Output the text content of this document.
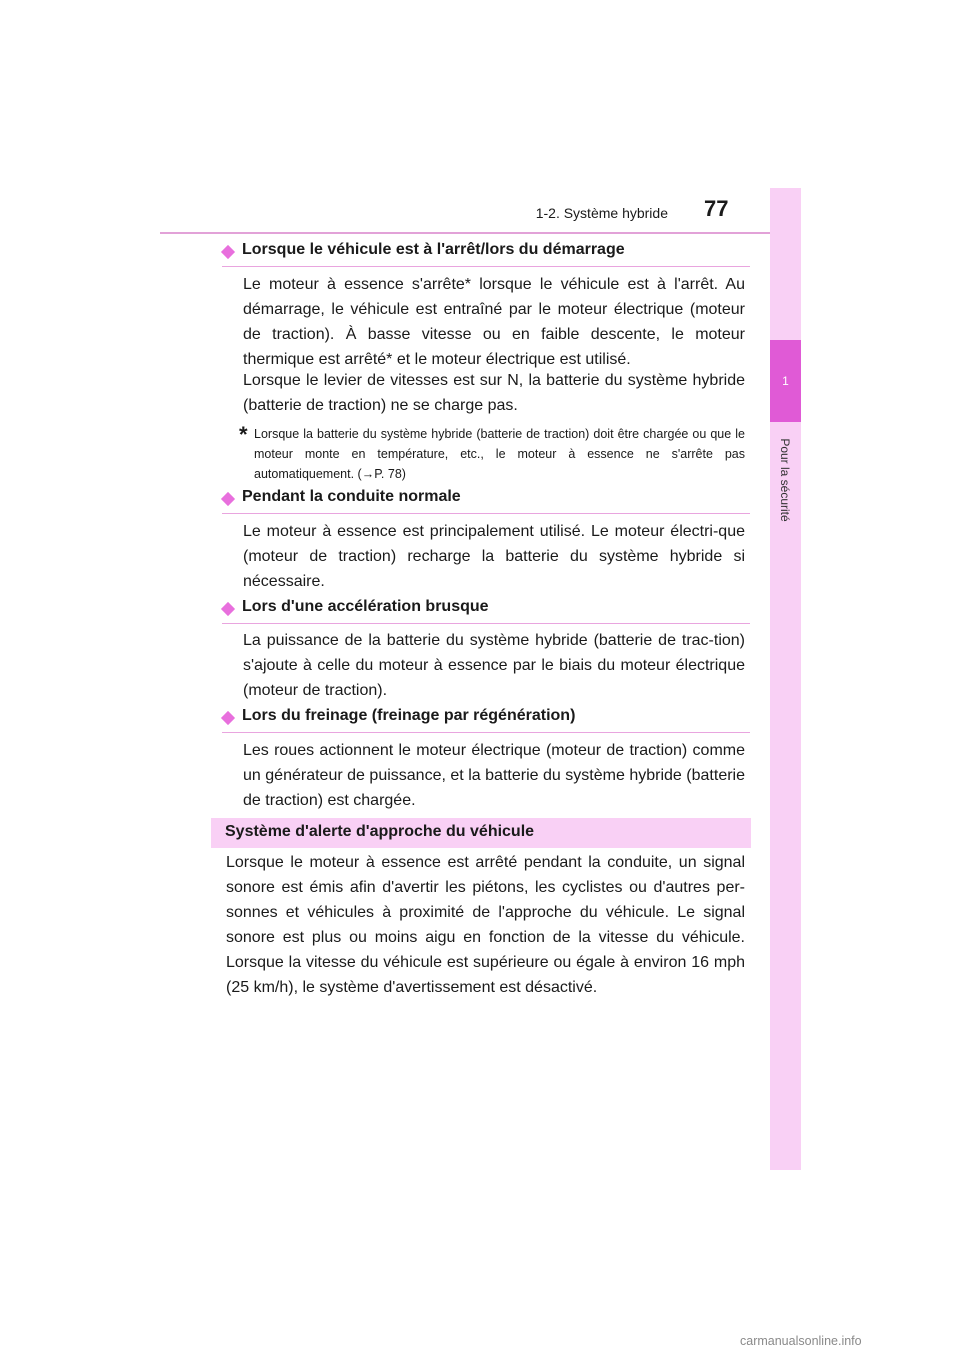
1-2. Système hybride 77
1
Pour la sécurité
Lorsque le véhicule est à l'arrêt/lors du démarrage
Le moteur à essence s'arrête* lorsque le véhicule est à l'arrêt. Au démarrage, le véhicule est entraîné par le moteur électrique (moteur de traction). À basse vitesse ou en faible descente, le moteur thermique est arrêté* et le moteur électrique est utilisé.
Lorsque le levier de vitesses est sur N, la batterie du système hybride (batterie de traction) ne se charge pas.
* Lorsque la batterie du système hybride (batterie de traction) doit être chargée ou que le moteur monte en température, etc., le moteur à essence ne s'arrête pas automatiquement. (→P. 78)
Pendant la conduite normale
Le moteur à essence est principalement utilisé. Le moteur électri-que (moteur de traction) recharge la batterie du système hybride si nécessaire.
Lors d'une accélération brusque
La puissance de la batterie du système hybride (batterie de trac-tion) s'ajoute à celle du moteur à essence par le biais du moteur électrique (moteur de traction).
Lors du freinage (freinage par régénération)
Les roues actionnent le moteur électrique (moteur de traction) comme un générateur de puissance, et la batterie du système hybride (batterie de traction) est chargée.
Système d'alerte d'approche du véhicule
Lorsque le moteur à essence est arrêté pendant la conduite, un signal sonore est émis afin d'avertir les piétons, les cyclistes ou d'autres per-sonnes et véhicules à proximité de l'approche du véhicule. Le signal sonore est plus ou moins aigu en fonction de la vitesse du véhicule. Lorsque la vitesse du véhicule est supérieure ou égale à environ 16 mph (25 km/h), le système d'avertissement est désactivé.
carmanualsonline.info
